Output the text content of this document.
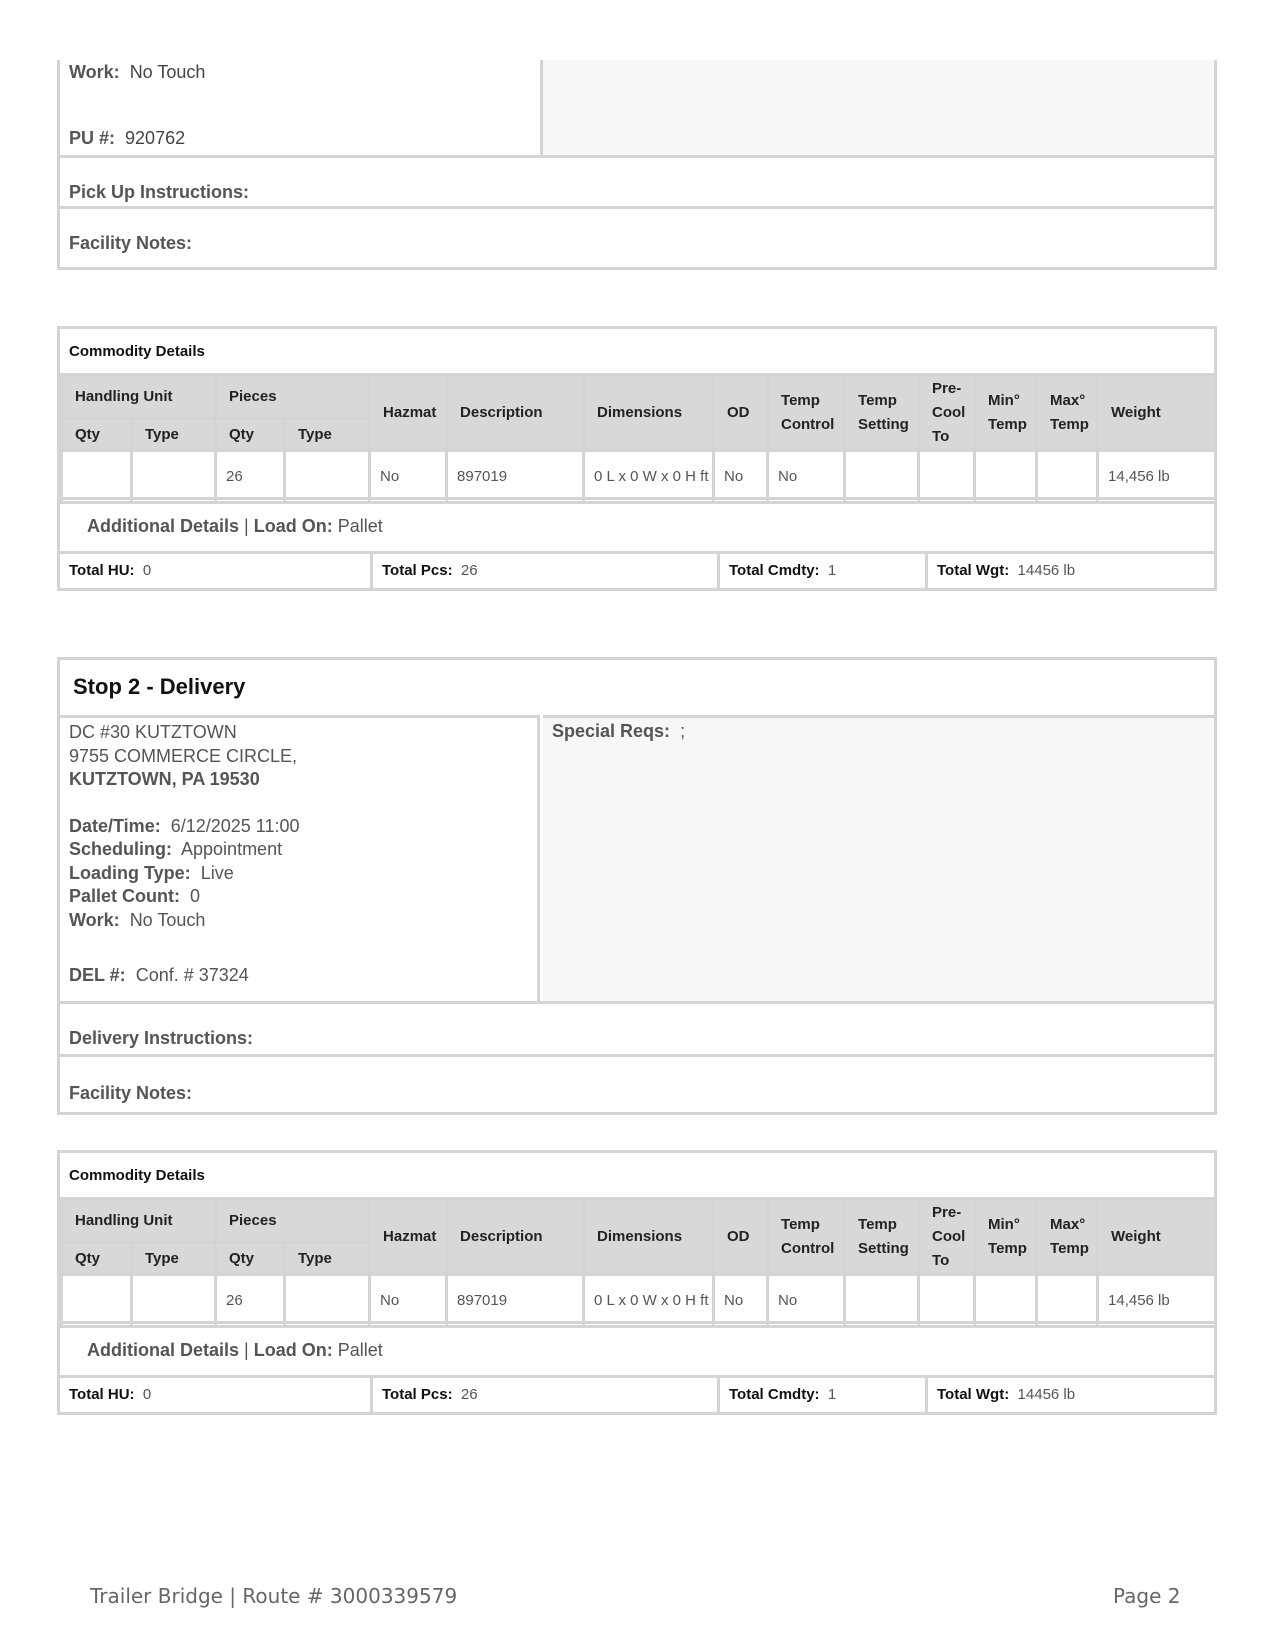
Work: No Touch
PU #: 920762
Pick Up Instructions:
Facility Notes:
Commodity Details
Handling Unit		Pieces		Hazmat	Description	Dimensions	OD	Temp Control	Temp Setting	Pre-Cool To	Min° Temp	Max° Temp	Weight
Qty	Type	Qty	Type										
		26		No	897019	0 L x 0 W x 0 H ft	No	No					14,456 lb
Additional Details | Load On: Pallet
Total HU: 0	Total Pcs: 26	Total Cmdty: 1	Total Wgt: 14456 lb
Stop 2 - Delivery
DC #30 KUTZTOWN
9755 COMMERCE CIRCLE,
KUTZTOWN, PA 19530
Date/Time: 6/12/2025 11:00
Scheduling: Appointment
Loading Type: Live
Pallet Count: 0
Work: No Touch
DEL #: Conf. # 37324
Special Reqs: ;
Delivery Instructions:
Facility Notes:
Commodity Details
Handling Unit		Pieces		Hazmat	Description	Dimensions	OD	Temp Control	Temp Setting	Pre-Cool To	Min° Temp	Max° Temp	Weight
Qty	Type	Qty	Type										
		26		No	897019	0 L x 0 W x 0 H ft	No	No					14,456 lb
Additional Details | Load On: Pallet
Total HU: 0	Total Pcs: 26	Total Cmdty: 1	Total Wgt: 14456 lb
Trailer Bridge | Route # 3000339579	Page 2
